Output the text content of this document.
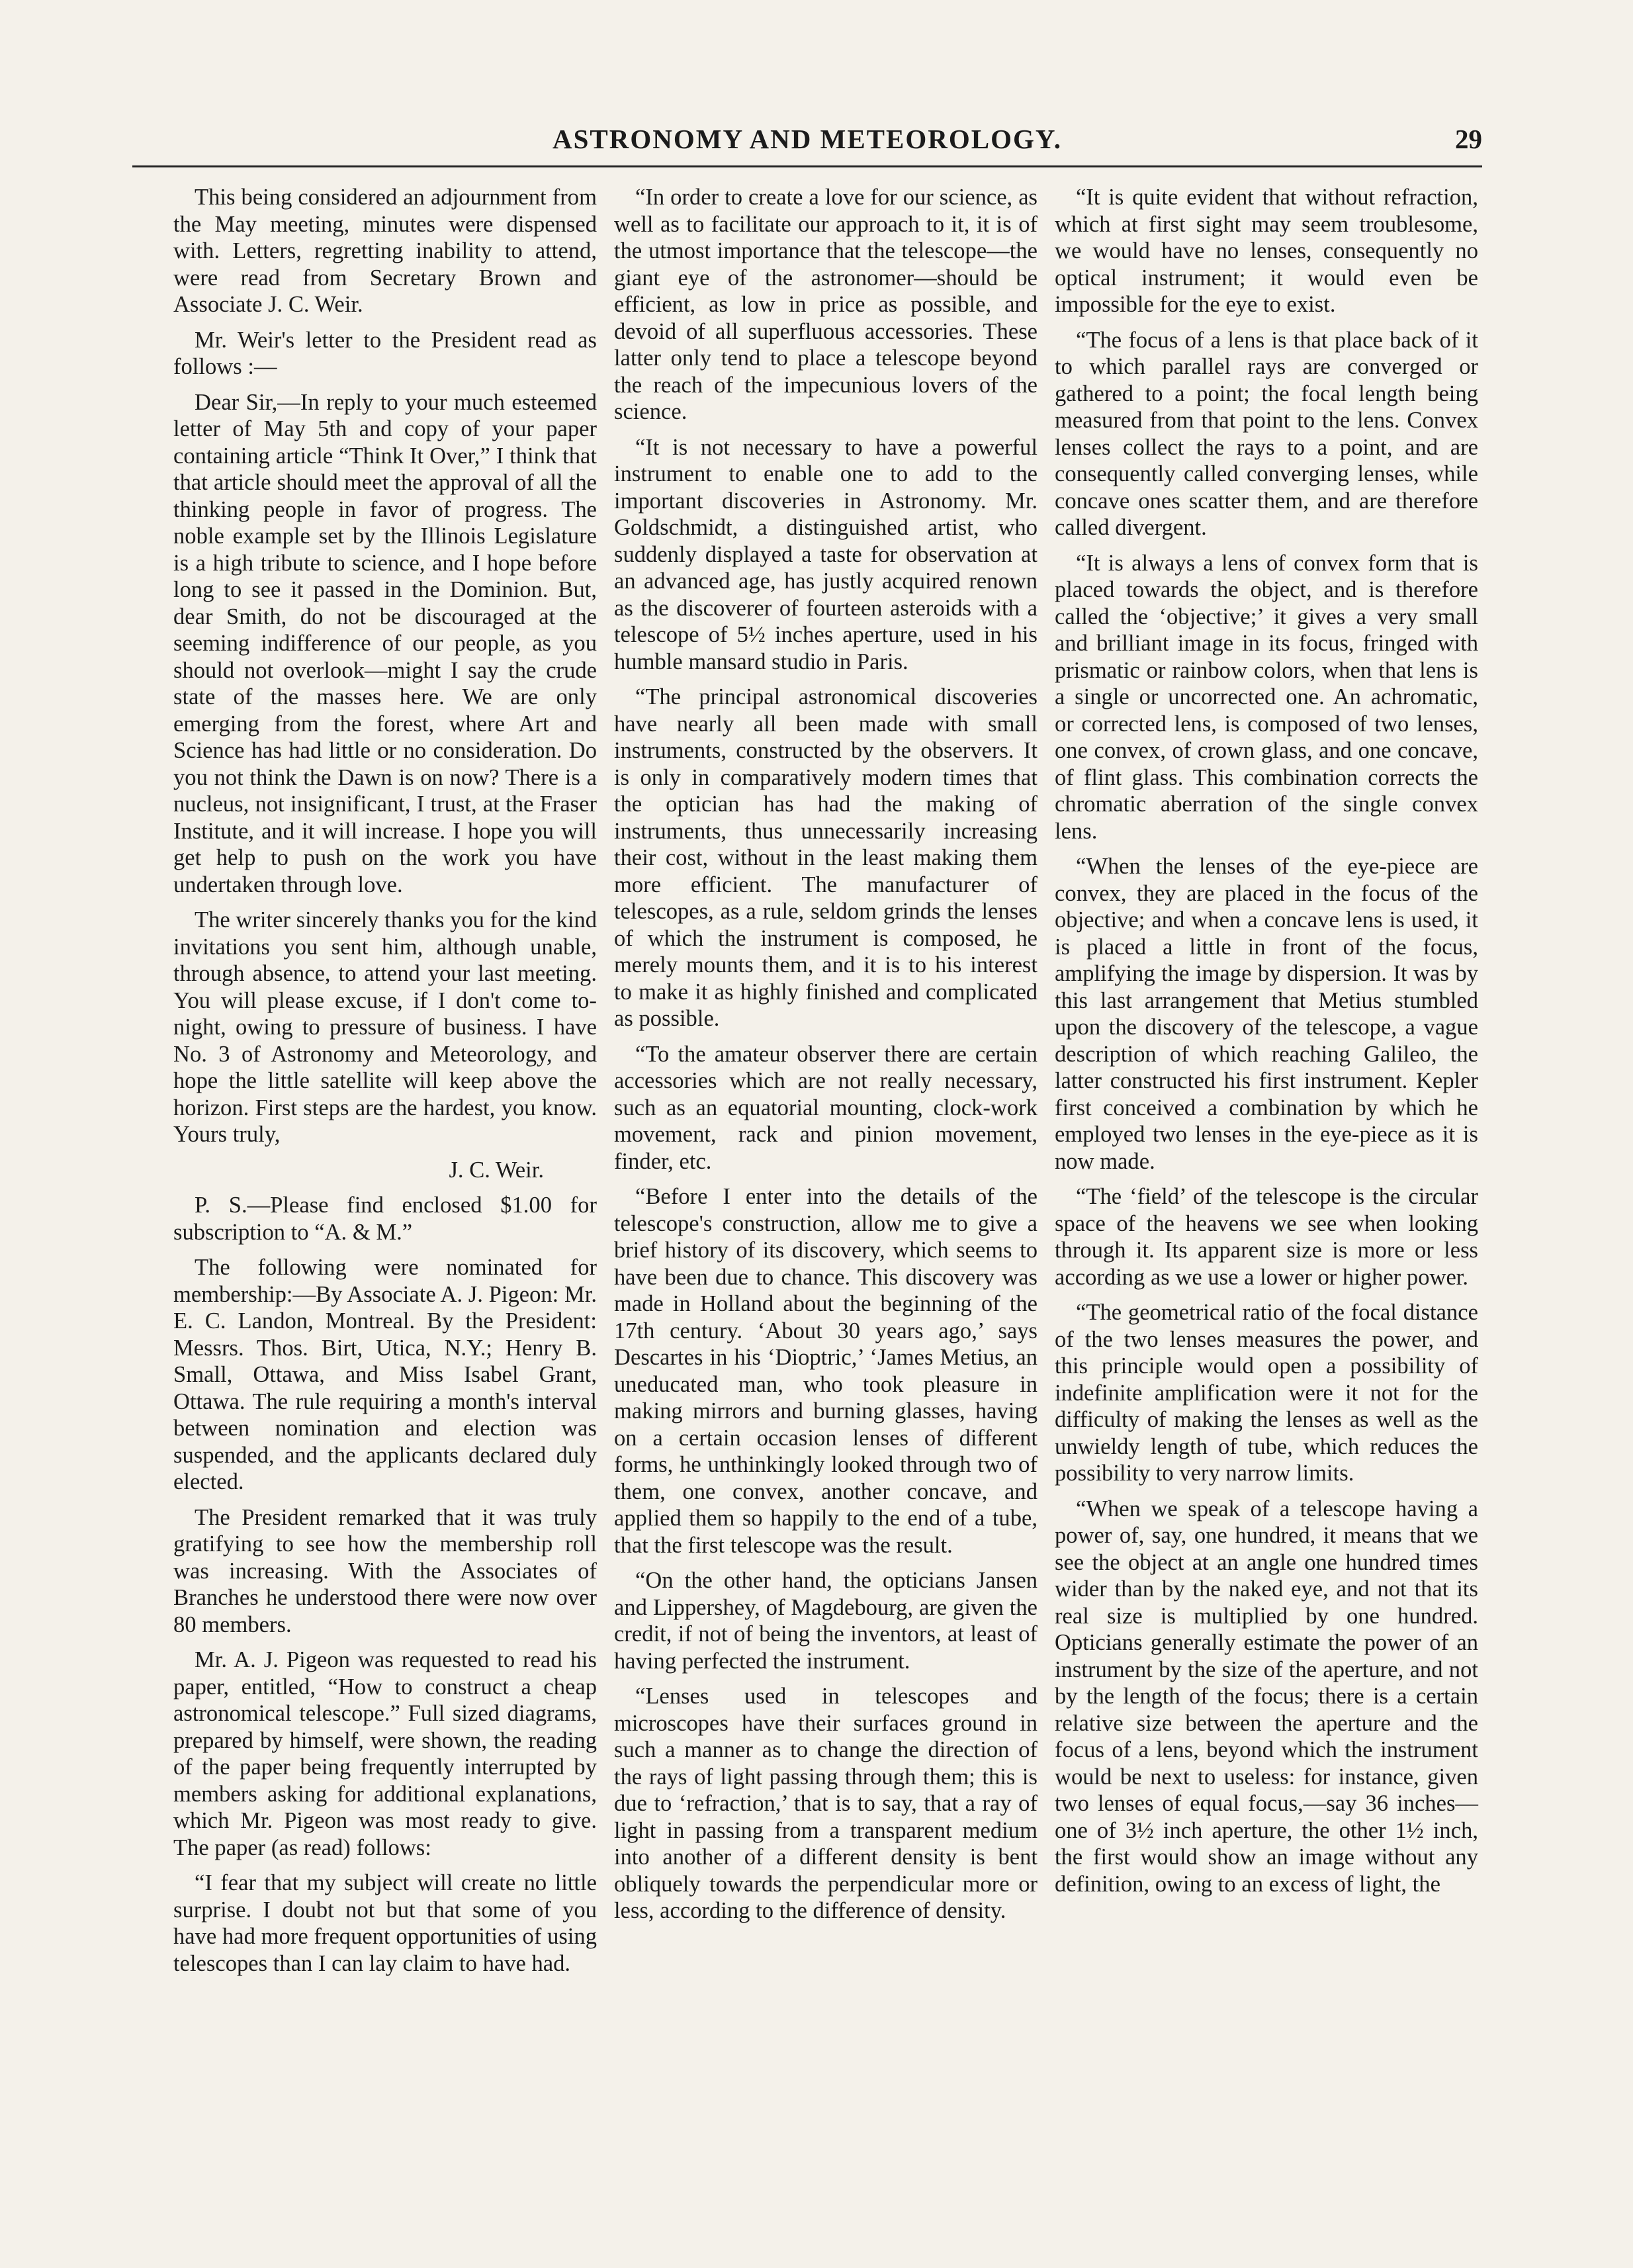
ASTRONOMY AND METEOROLOGY.	29

This being considered an adjournment from the May meeting, minutes were dispensed with. Letters, regretting inability to attend, were read from Secretary Brown and Associate J. C. Weir.

Mr. Weir's letter to the President read as follows :—

Dear Sir,—In reply to your much esteemed letter of May 5th and copy of your paper containing article “Think It Over,” I think that that article should meet the approval of all the thinking people in favor of progress. The noble example set by the Illinois Legislature is a high tribute to science, and I hope before long to see it passed in the Dominion. But, dear Smith, do not be discouraged at the seeming indifference of our people, as you should not overlook—might I say the crude state of the masses here. We are only emerging from the forest, where Art and Science has had little or no consideration. Do you not think the Dawn is on now? There is a nucleus, not insignificant, I trust, at the Fraser Institute, and it will increase. I hope you will get help to push on the work you have undertaken through love.

The writer sincerely thanks you for the kind invitations you sent him, although unable, through absence, to attend your last meeting. You will please excuse, if I don't come to-night, owing to pressure of business. I have No. 3 of Astronomy and Meteorology, and hope the little satellite will keep above the horizon. First steps are the hardest, you know. Yours truly,

J. C. Weir.

P. S.—Please find enclosed $1.00 for subscription to “A. & M.”

The following were nominated for membership:—By Associate A. J. Pigeon: Mr. E. C. Landon, Montreal. By the President: Messrs. Thos. Birt, Utica, N.Y.; Henry B. Small, Ottawa, and Miss Isabel Grant, Ottawa. The rule requiring a month's interval between nomination and election was suspended, and the applicants declared duly elected.

The President remarked that it was truly gratifying to see how the membership roll was increasing. With the Associates of Branches he understood there were now over 80 members.

Mr. A. J. Pigeon was requested to read his paper, entitled, “How to construct a cheap astronomical telescope.” Full sized diagrams, prepared by himself, were shown, the reading of the paper being frequently interrupted by members asking for additional explanations, which Mr. Pigeon was most ready to give. The paper (as read) follows:

“I fear that my subject will create no little surprise. I doubt not but that some of you have had more frequent opportunities of using telescopes than I can lay claim to have had.

“In order to create a love for our science, as well as to facilitate our approach to it, it is of the utmost importance that the telescope—the giant eye of the astronomer—should be efficient, as low in price as possible, and devoid of all superfluous accessories. These latter only tend to place a telescope beyond the reach of the impecunious lovers of the science.

“It is not necessary to have a powerful instrument to enable one to add to the important discoveries in Astronomy. Mr. Goldschmidt, a distinguished artist, who suddenly displayed a taste for observation at an advanced age, has justly acquired renown as the discoverer of fourteen asteroids with a telescope of 5½ inches aperture, used in his humble mansard studio in Paris.

“The principal astronomical discoveries have nearly all been made with small instruments, constructed by the observers. It is only in comparatively modern times that the optician has had the making of instruments, thus unnecessarily increasing their cost, without in the least making them more efficient. The manufacturer of telescopes, as a rule, seldom grinds the lenses of which the instrument is composed, he merely mounts them, and it is to his interest to make it as highly finished and complicated as possible.

“To the amateur observer there are certain accessories which are not really necessary, such as an equatorial mounting, clock-work movement, rack and pinion movement, finder, etc.

“Before I enter into the details of the telescope's construction, allow me to give a brief history of its discovery, which seems to have been due to chance. This discovery was made in Holland about the beginning of the 17th century. ‘About 30 years ago,’ says Descartes in his ‘Dioptric,’ ‘James Metius, an uneducated man, who took pleasure in making mirrors and burning glasses, having on a certain occasion lenses of different forms, he unthinkingly looked through two of them, one convex, another concave, and applied them so happily to the end of a tube, that the first telescope was the result.

“On the other hand, the opticians Jansen and Lippershey, of Magdebourg, are given the credit, if not of being the inventors, at least of having perfected the instrument.

“Lenses used in telescopes and microscopes have their surfaces ground in such a manner as to change the direction of the rays of light passing through them; this is due to ‘refraction,’ that is to say, that a ray of light in passing from a transparent medium into another of a different density is bent obliquely towards the perpendicular more or less, according to the difference of density.

“It is quite evident that without refraction, which at first sight may seem troublesome, we would have no lenses, consequently no optical instrument; it would even be impossible for the eye to exist.

“The focus of a lens is that place back of it to which parallel rays are converged or gathered to a point; the focal length being measured from that point to the lens. Convex lenses collect the rays to a point, and are consequently called converging lenses, while concave ones scatter them, and are therefore called divergent.

“It is always a lens of convex form that is placed towards the object, and is therefore called the ‘objective;’ it gives a very small and brilliant image in its focus, fringed with prismatic or rainbow colors, when that lens is a single or uncorrected one. An achromatic, or corrected lens, is composed of two lenses, one convex, of crown glass, and one concave, of flint glass. This combination corrects the chromatic aberration of the single convex lens.

“When the lenses of the eye-piece are convex, they are placed in the focus of the objective; and when a concave lens is used, it is placed a little in front of the focus, amplifying the image by dispersion. It was by this last arrangement that Metius stumbled upon the discovery of the telescope, a vague description of which reaching Galileo, the latter constructed his first instrument. Kepler first conceived a combination by which he employed two lenses in the eye-piece as it is now made.

“The ‘field’ of the telescope is the circular space of the heavens we see when looking through it. Its apparent size is more or less according as we use a lower or higher power.

“The geometrical ratio of the focal distance of the two lenses measures the power, and this principle would open a possibility of indefinite amplification were it not for the difficulty of making the lenses as well as the unwieldy length of tube, which reduces the possibility to very narrow limits.

“When we speak of a telescope having a power of, say, one hundred, it means that we see the object at an angle one hundred times wider than by the naked eye, and not that its real size is multiplied by one hundred. Opticians generally estimate the power of an instrument by the size of the aperture, and not by the length of the focus; there is a certain relative size between the aperture and the focus of a lens, beyond which the instrument would be next to useless: for instance, given two lenses of equal focus,—say 36 inches—one of 3½ inch aperture, the other 1½ inch, the first would show an image without any definition, owing to an excess of light, the
